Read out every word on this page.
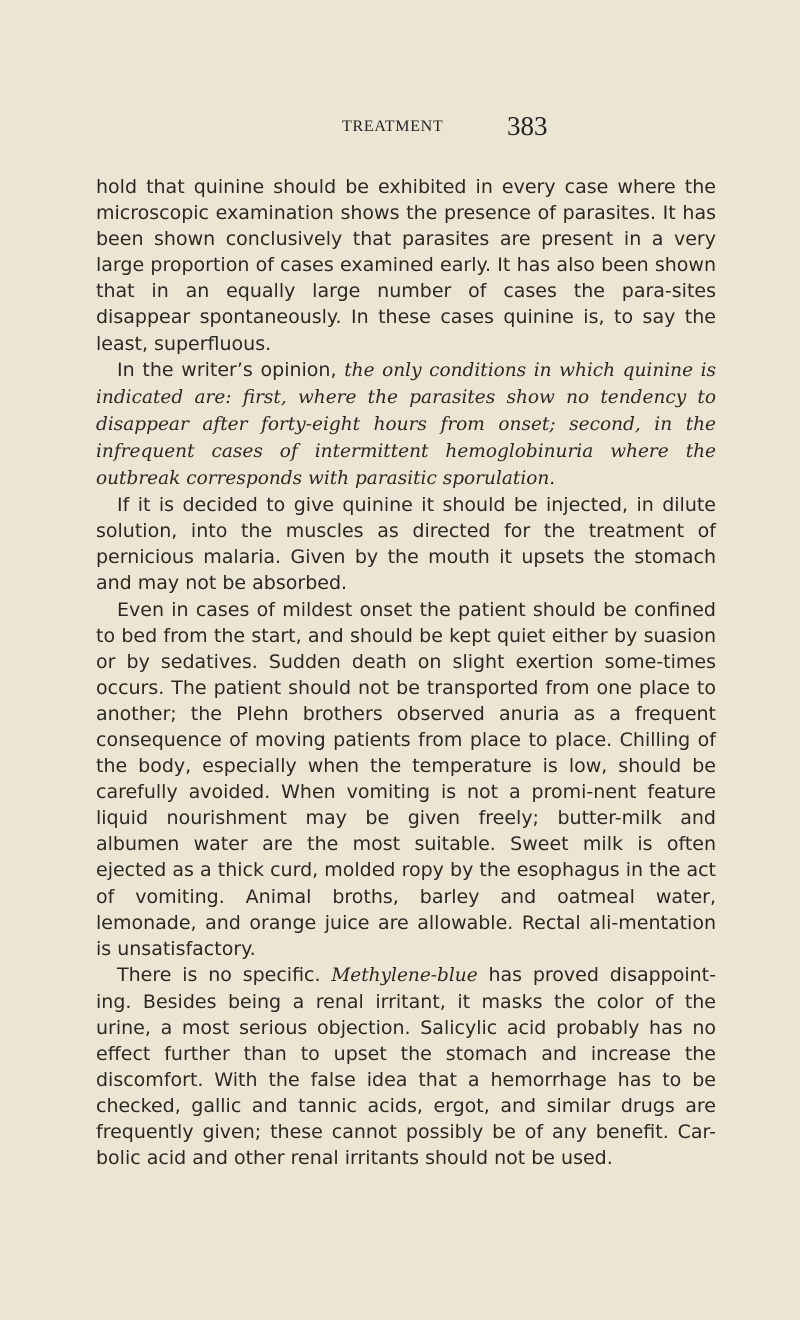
TREATMENT 383

hold that quinine should be exhibited in every case where the microscopic examination shows the presence of parasites. It has been shown conclusively that parasites are present in a very large proportion of cases examined early. It has also been shown that in an equally large number of cases the para-sites disappear spontaneously. In these cases quinine is, to say the least, superfluous.

In the writer’s opinion, the only conditions in which quinine is indicated are: first, where the parasites show no tendency to disappear after forty-eight hours from onset; second, in the infrequent cases of intermittent hemoglobinuria where the outbreak corresponds with parasitic sporulation.

If it is decided to give quinine it should be injected, in dilute solution, into the muscles as directed for the treatment of pernicious malaria. Given by the mouth it upsets the stomach and may not be absorbed.

Even in cases of mildest onset the patient should be confined to bed from the start, and should be kept quiet either by suasion or by sedatives. Sudden death on slight exertion some-times occurs. The patient should not be transported from one place to another; the Plehn brothers observed anuria as a frequent consequence of moving patients from place to place. Chilling of the body, especially when the temperature is low, should be carefully avoided. When vomiting is not a promi-nent feature liquid nourishment may be given freely; butter-milk and albumen water are the most suitable. Sweet milk is often ejected as a thick curd, molded ropy by the esophagus in the act of vomiting. Animal broths, barley and oatmeal water, lemonade, and orange juice are allowable. Rectal ali-mentation is unsatisfactory.

There is no specific. Methylene-blue has proved disappoint-ing. Besides being a renal irritant, it masks the color of the urine, a most serious objection. Salicylic acid probably has no effect further than to upset the stomach and increase the discomfort. With the false idea that a hemorrhage has to be checked, gallic and tannic acids, ergot, and similar drugs are frequently given; these cannot possibly be of any benefit. Car-bolic acid and other renal irritants should not be used.
